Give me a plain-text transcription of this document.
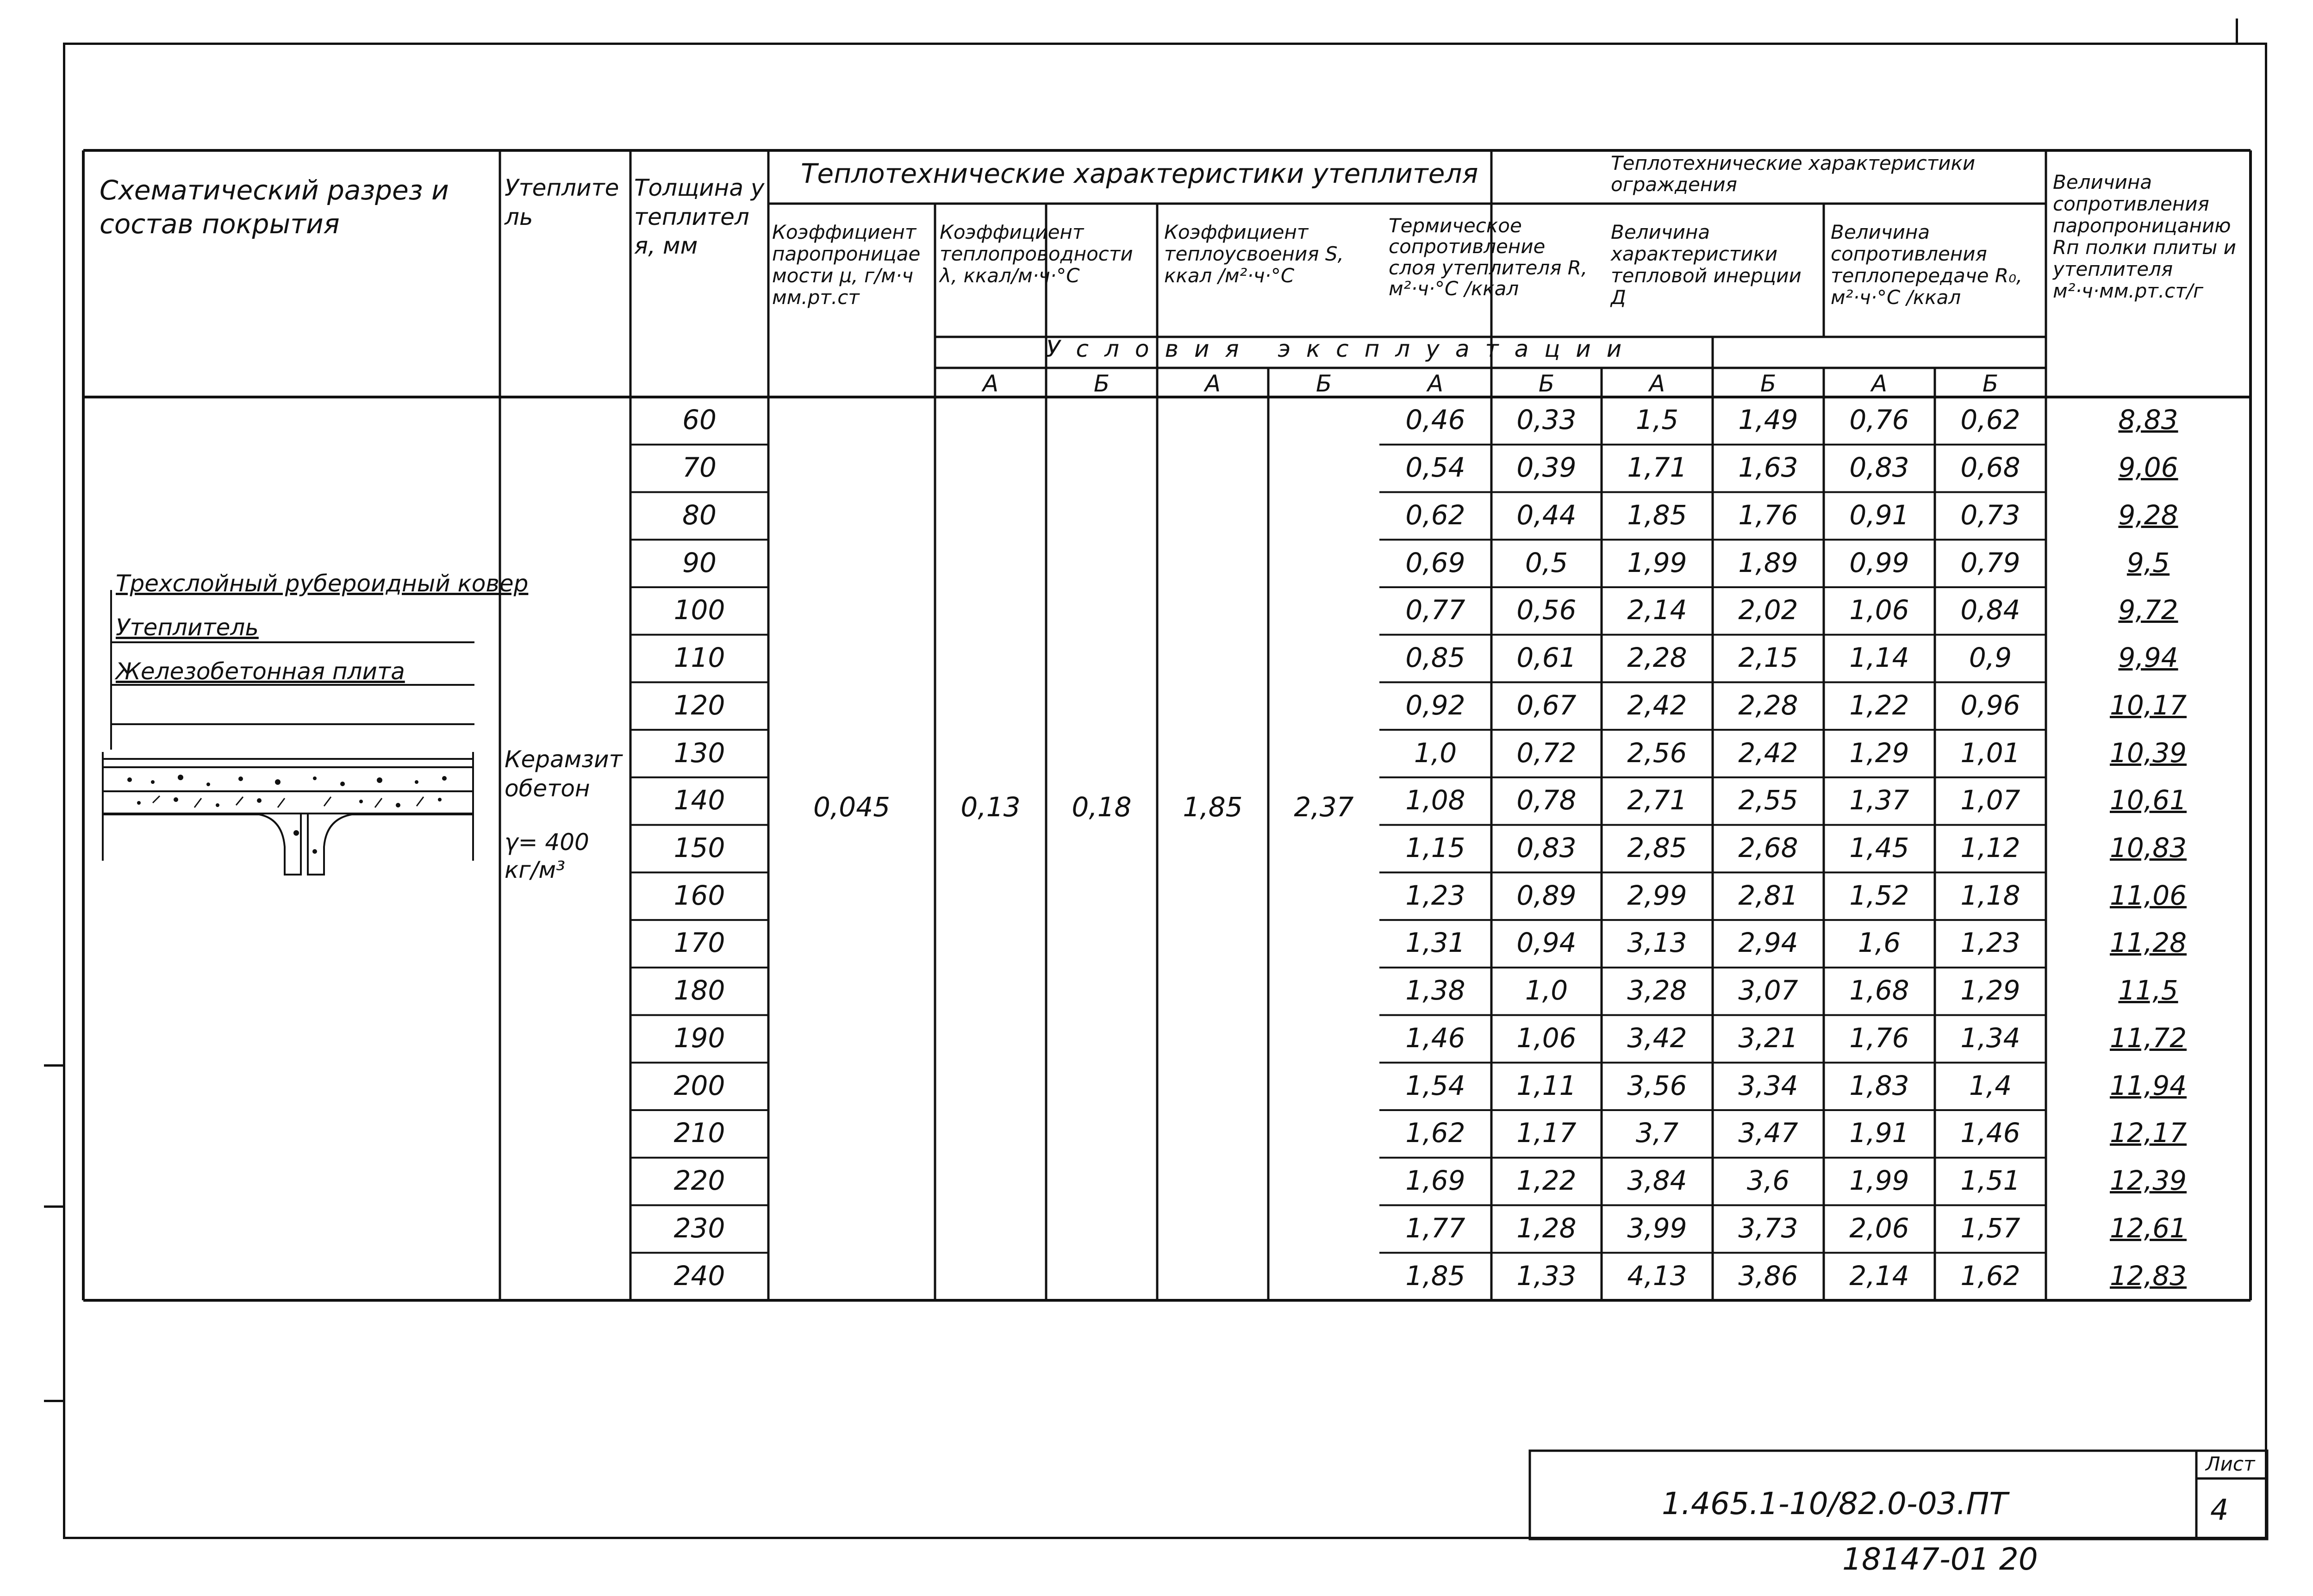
Схематический разрез и состав покрытия
Утеплитель
Толщина утеплителя, мм
Теплотехнические характеристики утеплителя	Теплотехнические характеристики ограждения
Коэффициент паропроницаемости μ, г/м·ч мм.рт.ст
Коэффициент теплопроводности λ, ккал/м·ч·°С
Коэффициент теплоусвоения S, ккал /м²·ч·°С
Термическое сопротивление слоя утеплителя R, м²·ч·°С /ккал
Величина характеристики тепловой инерции Д
Величина сопротивления теплопередаче R₀, м²·ч·°С /ккал
Величина сопротивления паропроницанию Rп полки плиты и утеплителя м²·ч·мм.рт.ст/г
Условия эксплуатации
А	Б	А	Б	А	Б	А	Б	А	Б
Трехслойный рубероидный ковер
Утеплитель
Железобетонная плита
Керамзитобетон
γ= 400 кг/м³
0,045	0,13	0,18	1,85	2,37
60	0,46	0,33	1,5	1,49	0,76	0,62	8,83
70	0,54	0,39	1,71	1,63	0,83	0,68	9,06
80	0,62	0,44	1,85	1,76	0,91	0,73	9,28
90	0,69	0,5	1,99	1,89	0,99	0,79	9,5
100	0,77	0,56	2,14	2,02	1,06	0,84	9,72
110	0,85	0,61	2,28	2,15	1,14	0,9	9,94
120	0,92	0,67	2,42	2,28	1,22	0,96	10,17
130	1,0	0,72	2,56	2,42	1,29	1,01	10,39
140	1,08	0,78	2,71	2,55	1,37	1,07	10,61
150	1,15	0,83	2,85	2,68	1,45	1,12	10,83
160	1,23	0,89	2,99	2,81	1,52	1,18	11,06
170	1,31	0,94	3,13	2,94	1,6	1,23	11,28
180	1,38	1,0	3,28	3,07	1,68	1,29	11,5
190	1,46	1,06	3,42	3,21	1,76	1,34	11,72
200	1,54	1,11	3,56	3,34	1,83	1,4	11,94
210	1,62	1,17	3,7	3,47	1,91	1,46	12,17
220	1,69	1,22	3,84	3,6	1,99	1,51	12,39
230	1,77	1,28	3,99	3,73	2,06	1,57	12,61
240	1,85	1,33	4,13	3,86	2,14	1,62	12,83
1.465.1-10/82.0-03.ПТ
Лист
4
18147-01 20
